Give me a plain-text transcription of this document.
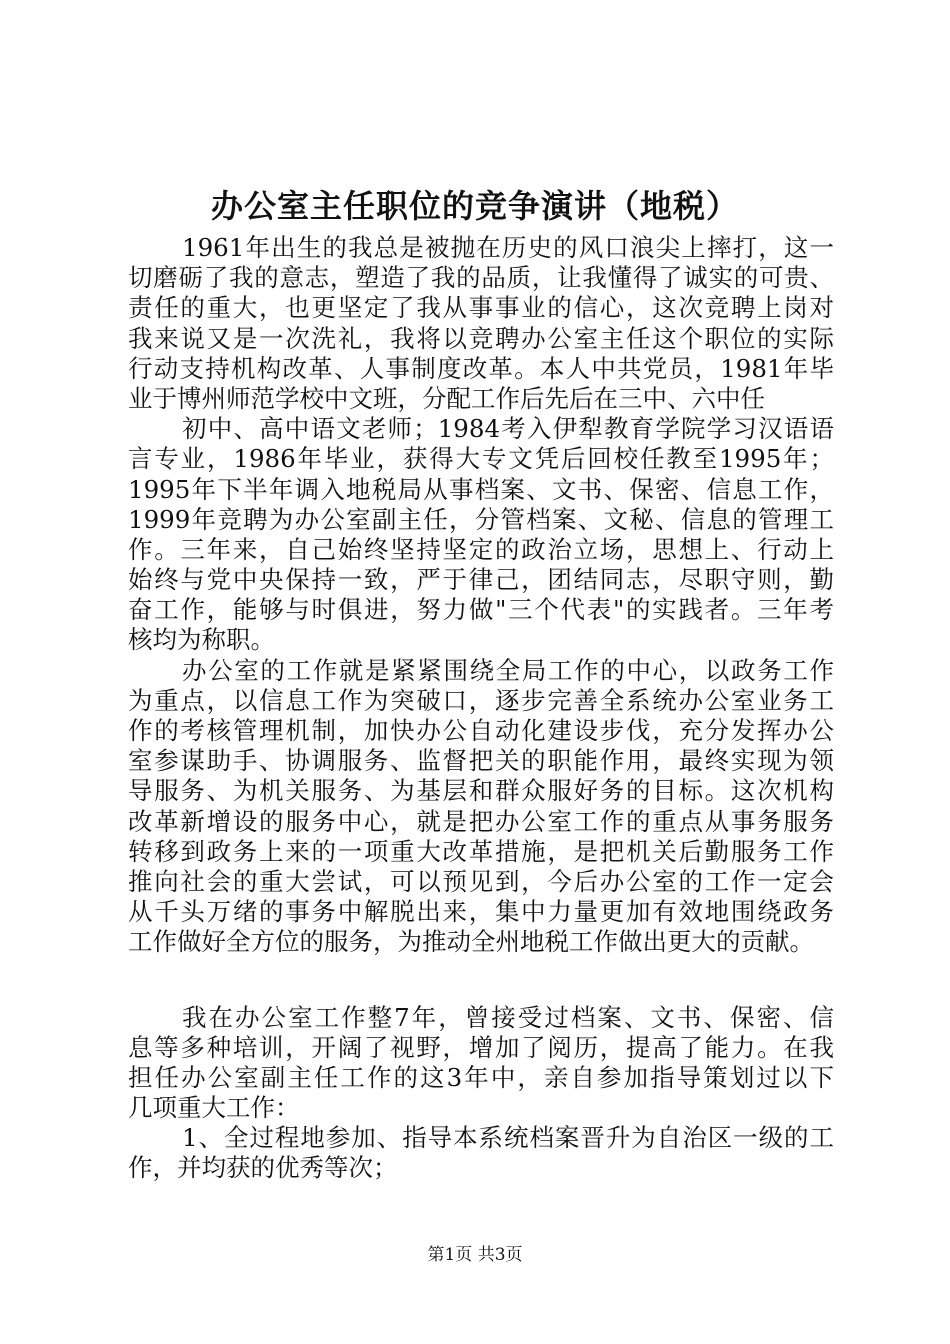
办公室主任职位的竞争演讲（地税）
1961年出生的我总是被抛在历史的风口浪尖上摔打，这一
切磨砺了我的意志，塑造了我的品质，让我懂得了诚实的可贵、
责任的重大，也更坚定了我从事事业的信心，这次竞聘上岗对
我来说又是一次洗礼，我将以竞聘办公室主任这个职位的实际
行动支持机构改革、人事制度改革。本人中共党员，1981年毕
业于博州师范学校中文班，分配工作后先后在三中、六中任
初中、高中语文老师；1984考入伊犁教育学院学习汉语语
言专业，1986年毕业，获得大专文凭后回校任教至1995年；
1995年下半年调入地税局从事档案、文书、保密、信息工作，
1999年竞聘为办公室副主任，分管档案、文秘、信息的管理工
作。三年来，自己始终坚持坚定的政治立场，思想上、行动上
始终与党中央保持一致，严于律己，团结同志，尽职守则，勤
奋工作，能够与时俱进，努力做"三个代表"的实践者。三年考
核均为称职。
办公室的工作就是紧紧围绕全局工作的中心，以政务工作
为重点，以信息工作为突破口，逐步完善全系统办公室业务工
作的考核管理机制，加快办公自动化建设步伐，充分发挥办公
室参谋助手、协调服务、监督把关的职能作用，最终实现为领
导服务、为机关服务、为基层和群众服好务的目标。这次机构
改革新增设的服务中心，就是把办公室工作的重点从事务服务
转移到政务上来的一项重大改革措施，是把机关后勤服务工作
推向社会的重大尝试，可以预见到，今后办公室的工作一定会
从千头万绪的事务中解脱出来，集中力量更加有效地围绕政务
工作做好全方位的服务，为推动全州地税工作做出更大的贡献。
我在办公室工作整7年，曾接受过档案、文书、保密、信
息等多种培训，开阔了视野，增加了阅历，提高了能力。在我
担任办公室副主任工作的这3年中，亲自参加指导策划过以下
几项重大工作：
1、全过程地参加、指导本系统档案晋升为自治区一级的工
作，并均获的优秀等次；
第1页 共3页
